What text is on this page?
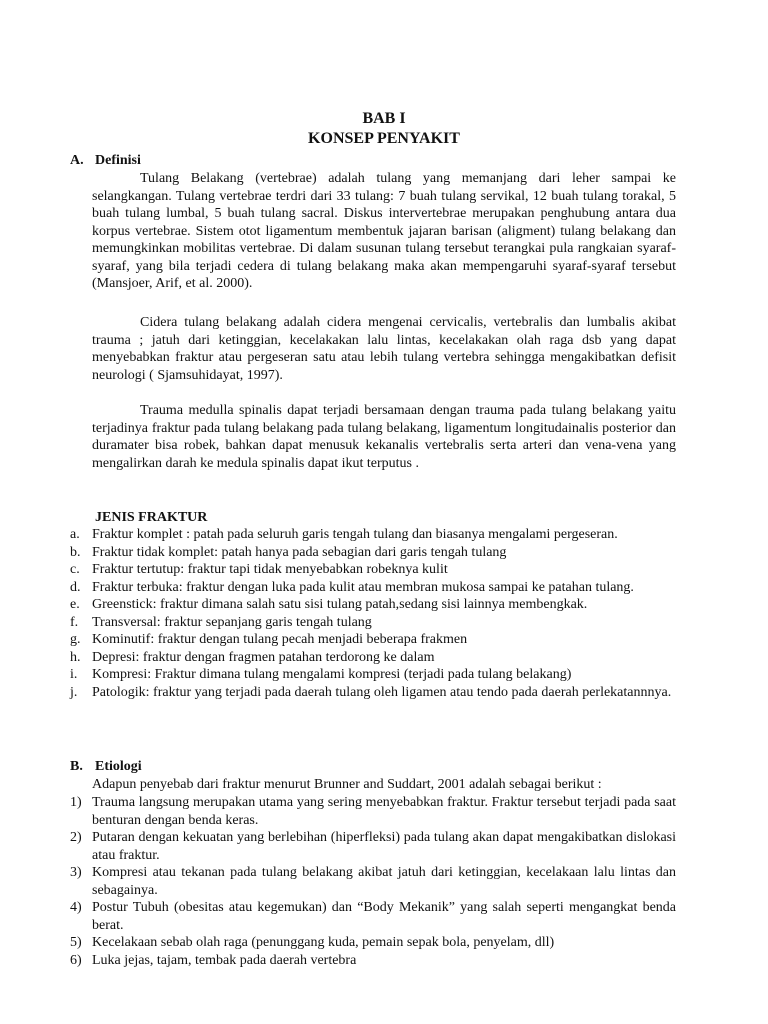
BAB I
KONSEP PENYAKIT
A. Definisi

Tulang Belakang (vertebrae) adalah tulang yang memanjang dari leher sampai ke selangkangan. Tulang vertebrae terdri dari 33 tulang: 7 buah tulang servikal, 12 buah tulang torakal, 5 buah tulang lumbal, 5 buah tulang sacral. Diskus intervertebrae merupakan penghubung antara dua korpus vertebrae. Sistem otot ligamentum membentuk jajaran barisan (aligment) tulang belakang dan memungkinkan mobilitas vertebrae. Di dalam susunan tulang tersebut terangkai pula rangkaian syaraf-syaraf, yang bila terjadi cedera di tulang belakang maka akan mempengaruhi syaraf-syaraf tersebut (Mansjoer, Arif, et al. 2000).

Cidera tulang belakang adalah cidera mengenai cervicalis, vertebralis dan lumbalis akibat trauma ; jatuh dari ketinggian, kecelakakan lalu lintas, kecelakakan olah raga dsb yang dapat menyebabkan fraktur atau pergeseran satu atau lebih tulang vertebra sehingga mengakibatkan defisit neurologi ( Sjamsuhidayat, 1997).

Trauma medulla spinalis dapat terjadi bersamaan dengan trauma pada tulang belakang yaitu terjadinya fraktur pada tulang belakang pada tulang belakang, ligamentum longitudainalis posterior dan duramater bisa robek, bahkan dapat menusuk kekanalis vertebralis serta arteri dan vena-vena yang mengalirkan darah ke medula spinalis dapat ikut terputus .

JENIS FRAKTUR
a. Fraktur komplet : patah pada seluruh garis tengah tulang dan biasanya mengalami pergeseran.
b. Fraktur tidak komplet: patah hanya pada sebagian dari garis tengah tulang
c. Fraktur tertutup: fraktur tapi tidak menyebabkan robeknya kulit
d. Fraktur terbuka: fraktur dengan luka pada kulit atau membran mukosa sampai ke patahan tulang.
e. Greenstick: fraktur dimana salah satu sisi tulang patah,sedang sisi lainnya membengkak.
f. Transversal: fraktur sepanjang garis tengah tulang
g. Kominutif: fraktur dengan tulang pecah menjadi beberapa frakmen
h. Depresi: fraktur dengan fragmen patahan terdorong ke dalam
i. Kompresi: Fraktur dimana tulang mengalami kompresi (terjadi pada tulang belakang)
j. Patologik: fraktur yang terjadi pada daerah tulang oleh ligamen atau tendo pada daerah perlekatannnya.
B. Etiologi
Adapun penyebab dari fraktur menurut Brunner and Suddart, 2001 adalah sebagai berikut :
1) Trauma langsung merupakan utama yang sering menyebabkan fraktur. Fraktur tersebut terjadi pada saat benturan dengan benda keras.
2) Putaran dengan kekuatan yang berlebihan (hiperfleksi) pada tulang akan dapat mengakibatkan dislokasi atau fraktur.
3) Kompresi atau tekanan pada tulang belakang akibat jatuh dari ketinggian, kecelakaan lalu lintas dan sebagainya.
4) Postur Tubuh (obesitas atau kegemukan) dan “Body Mekanik” yang salah seperti mengangkat benda berat.
5) Kecelakaan sebab olah raga (penunggang kuda, pemain sepak bola, penyelam, dll)
6) Luka jejas, tajam, tembak pada daerah vertebra
